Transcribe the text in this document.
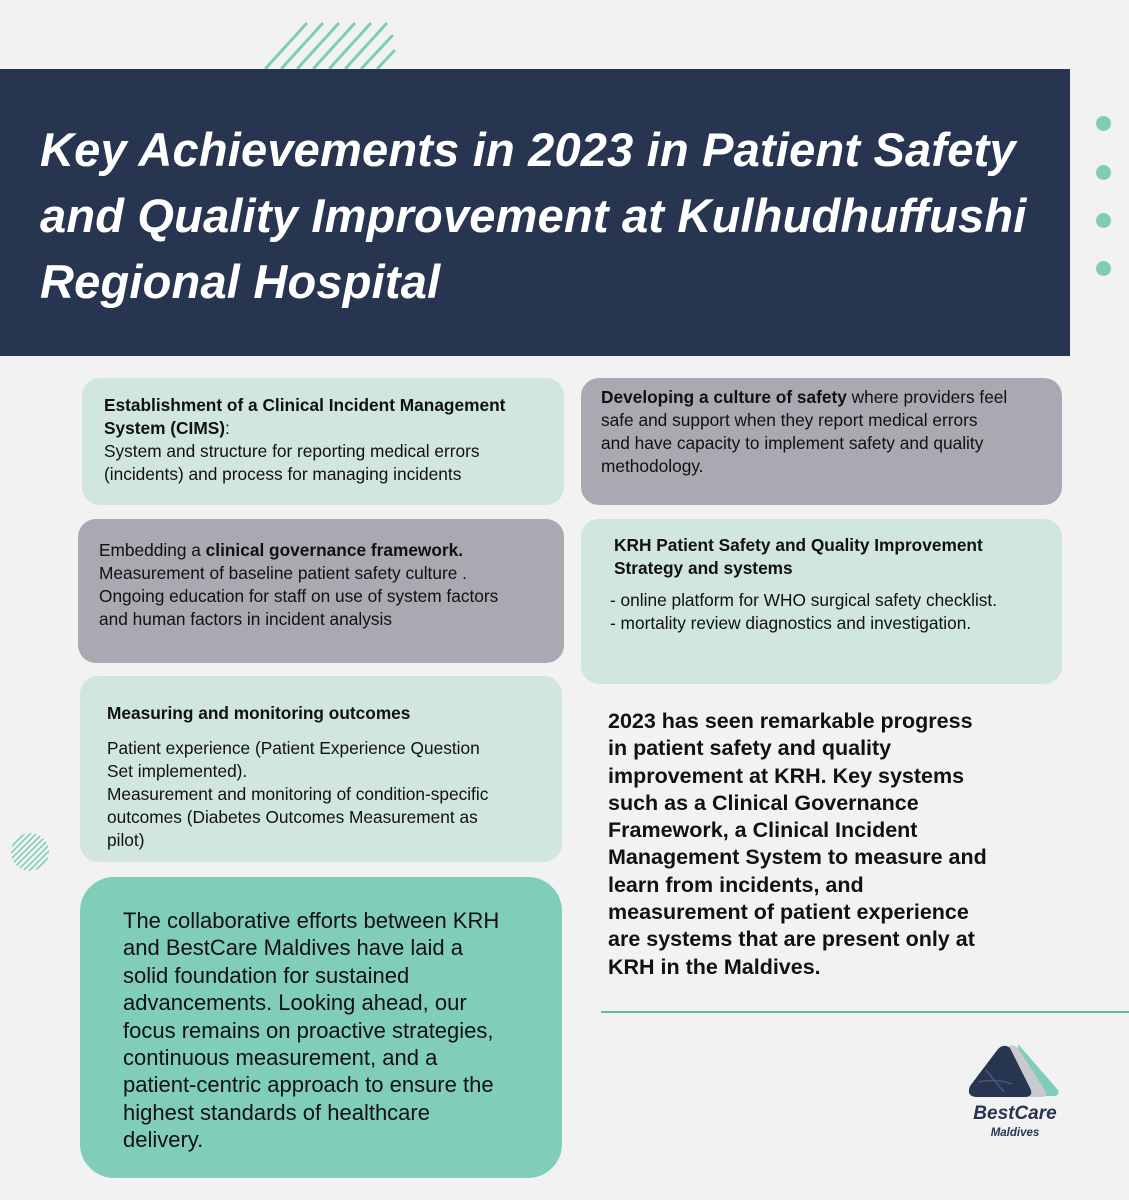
Key Achievements in 2023 in Patient Safety
and Quality Improvement at Kulhudhuffushi
Regional Hospital
Establishment of a Clinical Incident Management
System (CIMS):
System and structure for reporting medical errors
(incidents) and process for managing incidents
Developing a culture of safety where providers feel
safe and support when they report medical errors
and have capacity to implement safety and quality
methodology.
Embedding a clinical governance framework.
Measurement of baseline patient safety culture .
Ongoing education for staff on use of system factors
and human factors in incident analysis
KRH Patient Safety and Quality Improvement
Strategy and systems
- online platform for WHO surgical safety checklist.
- mortality review diagnostics and investigation.
Measuring and monitoring outcomes
Patient experience (Patient Experience Question
Set implemented).
Measurement and monitoring of condition-specific
outcomes (Diabetes Outcomes Measurement as
pilot)
The collaborative efforts between KRH
and BestCare Maldives have laid a
solid foundation for sustained
advancements. Looking ahead, our
focus remains on proactive strategies,
continuous measurement, and a
patient-centric approach to ensure the
highest standards of healthcare
delivery.
2023 has seen remarkable progress
in patient safety and quality
improvement at KRH. Key systems
such as a Clinical Governance
Framework, a Clinical Incident
Management System to measure and
learn from incidents, and
measurement of patient experience
are systems that are present only at
KRH in the Maldives.
BestCare
Maldives
